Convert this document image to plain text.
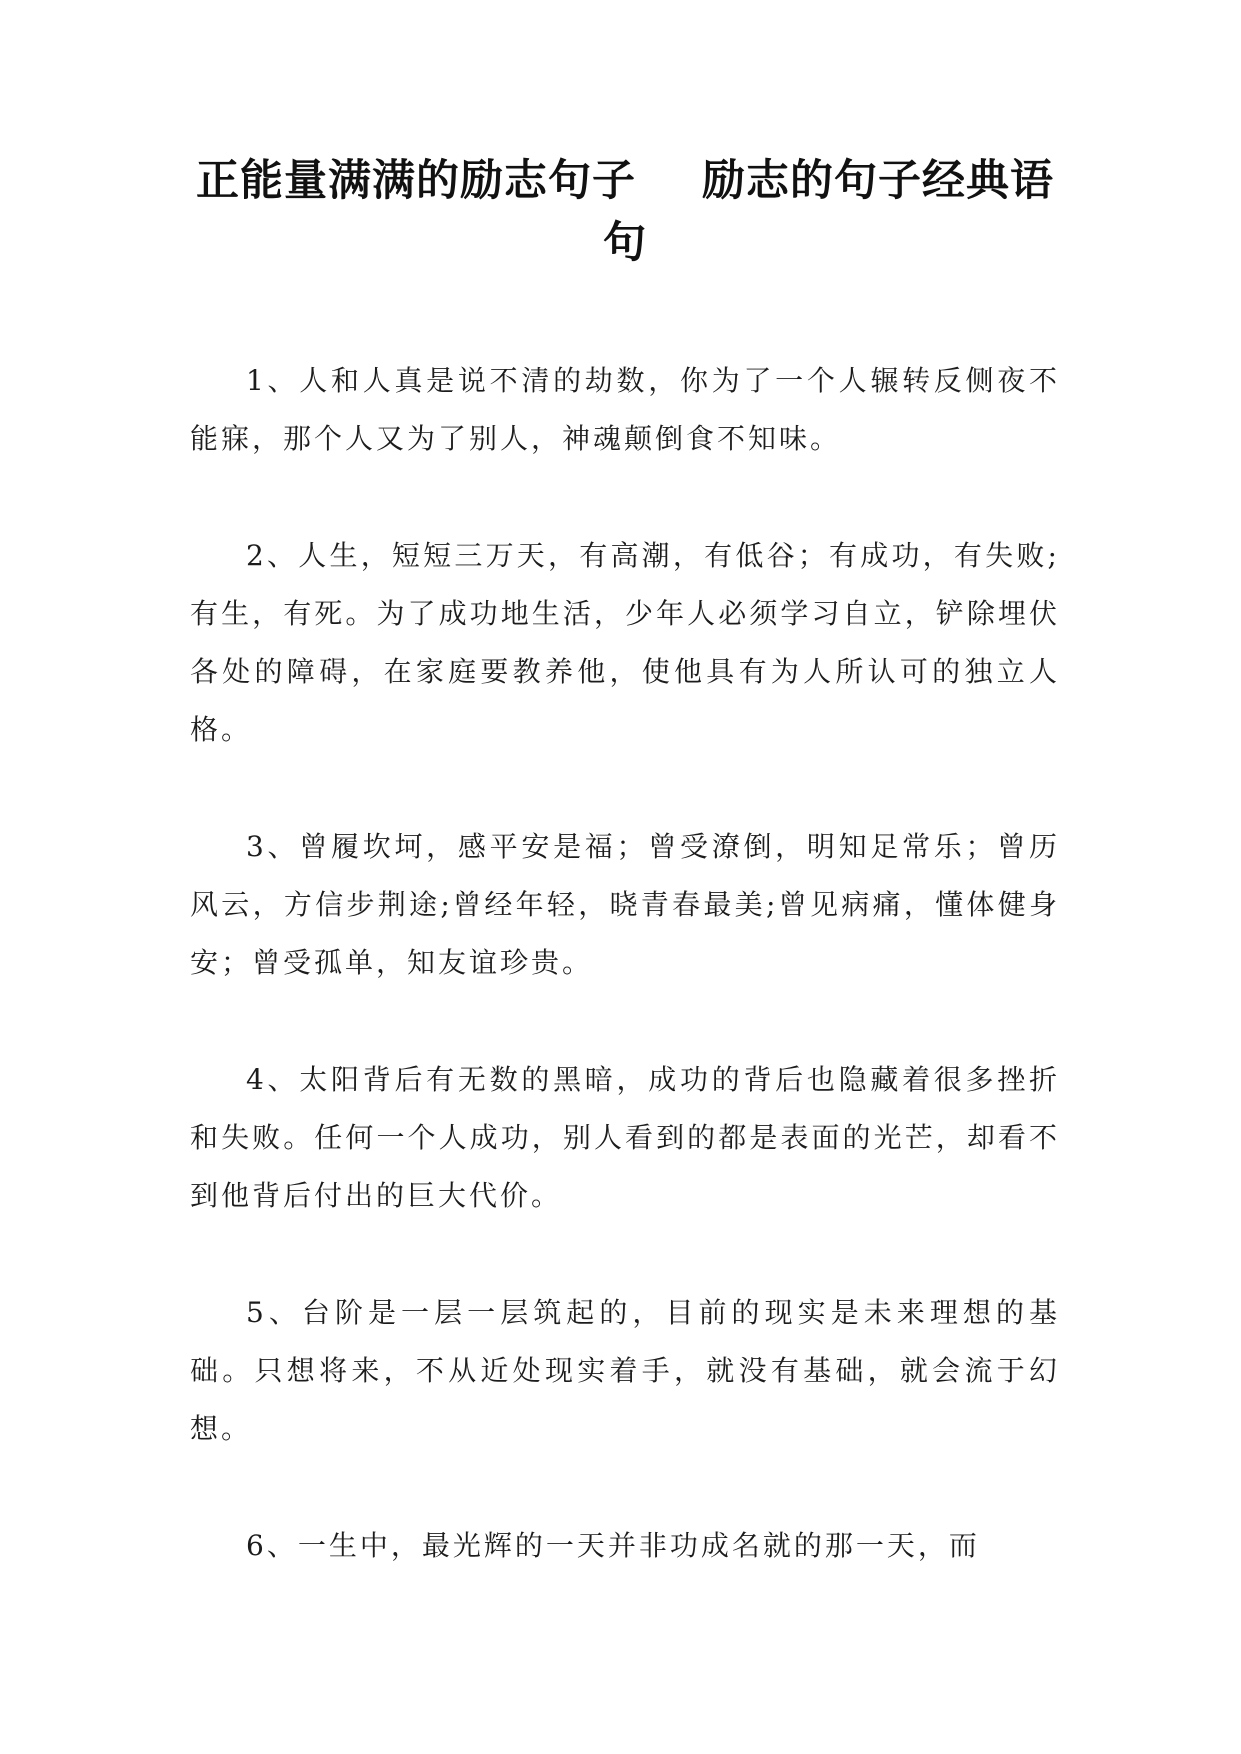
正能量满满的励志句子 励志的句子经典语句

1、人和人真是说不清的劫数，你为了一个人辗转反侧夜不能寐，那个人又为了别人，神魂颠倒食不知味。

2、人生，短短三万天，有高潮，有低谷；有成功，有失败;有生，有死。为了成功地生活，少年人必须学习自立，铲除埋伏各处的障碍，在家庭要教养他，使他具有为人所认可的独立人格。

3、曾履坎坷，感平安是福；曾受潦倒，明知足常乐；曾历风云，方信步荆途;曾经年轻，晓青春最美;曾见病痛，懂体健身安；曾受孤单，知友谊珍贵。

4、太阳背后有无数的黑暗，成功的背后也隐藏着很多挫折和失败。任何一个人成功，别人看到的都是表面的光芒，却看不到他背后付出的巨大代价。

5、台阶是一层一层筑起的，目前的现实是未来理想的基础。只想将来，不从近处现实着手，就没有基础，就会流于幻想。

6、一生中，最光辉的一天并非功成名就的那一天，而
